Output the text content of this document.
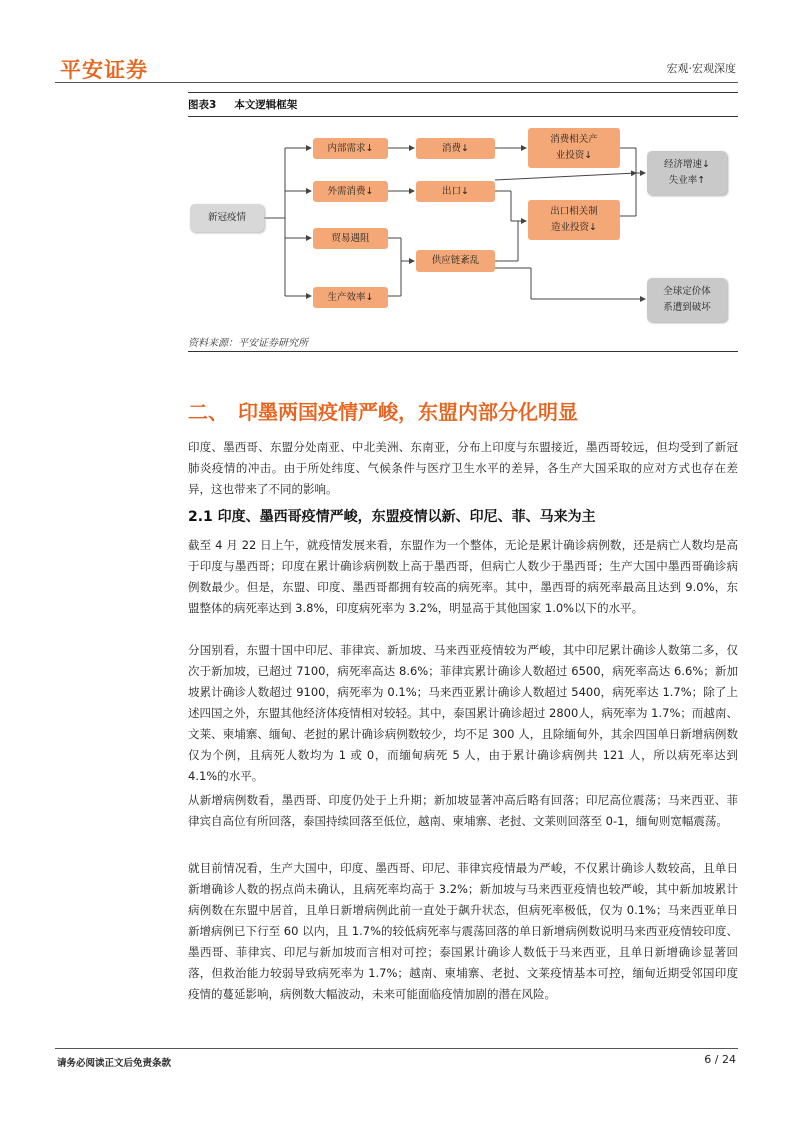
平安证券	宏观·宏观深度
图表3 本文逻辑框架
新冠疫情
内部需求↓
外需消费↓
贸易遇阻
生产效率↓
消费↓
出口↓
供应链紊乱
消费相关产
业投资↓
出口相关制
造业投资↓
经济增速↓
失业率↑
全球定价体
系遭到破坏
资料来源：平安证券研究所
二、　印墨两国疫情严峻，东盟内部分化明显
印度、墨西哥、东盟分处南亚、中北美洲、东南亚，分布上印度与东盟接近，墨西哥较远，但均受到了新冠肺炎疫情的冲击。由于所处纬度、气候条件与医疗卫生水平的差异，各生产大国采取的应对方式也存在差异，这也带来了不同的影响。
2.1 印度、墨西哥疫情严峻，东盟疫情以新、印尼、菲、马来为主
截至 4 月 22 日上午，就疫情发展来看，东盟作为一个整体，无论是累计确诊病例数，还是病亡人数均是高于印度与墨西哥；印度在累计确诊病例数上高于墨西哥，但病亡人数少于墨西哥；生产大国中墨西哥确诊病例数最少。但是，东盟、印度、墨西哥都拥有较高的病死率。其中，墨西哥的病死率最高且达到 9.0%，东盟整体的病死率达到 3.8%，印度病死率为 3.2%，明显高于其他国家 1.0%以下的水平。
分国别看，东盟十国中印尼、菲律宾、新加坡、马来西亚疫情较为严峻，其中印尼累计确诊人数第二多，仅次于新加坡，已超过 7100，病死率高达 8.6%；菲律宾累计确诊人数超过 6500，病死率高达 6.6%；新加坡累计确诊人数超过 9100，病死率为 0.1%；马来西亚累计确诊人数超过 5400，病死率达 1.7%；除了上述四国之外，东盟其他经济体疫情相对较轻。其中，泰国累计确诊超过 2800人，病死率为 1.7%；而越南、文莱、柬埔寨、缅甸、老挝的累计确诊病例数较少，均不足 300 人，且除缅甸外，其余四国单日新增病例数仅为个例，且病死人数均为 1 或 0，而缅甸病死 5 人，由于累计确诊病例共 121 人，所以病死率达到 4.1%的水平。
从新增病例数看，墨西哥、印度仍处于上升期；新加坡显著冲高后略有回落；印尼高位震荡；马来西亚、菲律宾自高位有所回落，泰国持续回落至低位，越南、柬埔寨、老挝、文莱则回落至 0-1，缅甸则宽幅震荡。
就目前情况看，生产大国中，印度、墨西哥、印尼、菲律宾疫情最为严峻，不仅累计确诊人数较高，且单日新增确诊人数的拐点尚未确认，且病死率均高于 3.2%；新加坡与马来西亚疫情也较严峻，其中新加坡累计病例数在东盟中居首，且单日新增病例此前一直处于飙升状态，但病死率极低，仅为 0.1%；马来西亚单日新增病例已下行至 60 以内，且 1.7%的较低病死率与震荡回落的单日新增病例数说明马来西亚疫情较印度、墨西哥、菲律宾、印尼与新加坡而言相对可控；泰国累计确诊人数低于马来西亚，且单日新增确诊显著回落，但救治能力较弱导致病死率为 1.7%；越南、柬埔寨、老挝、文莱疫情基本可控，缅甸近期受邻国印度疫情的蔓延影响，病例数大幅波动，未来可能面临疫情加剧的潜在风险。
请务必阅读正文后免责条款	6 / 24
